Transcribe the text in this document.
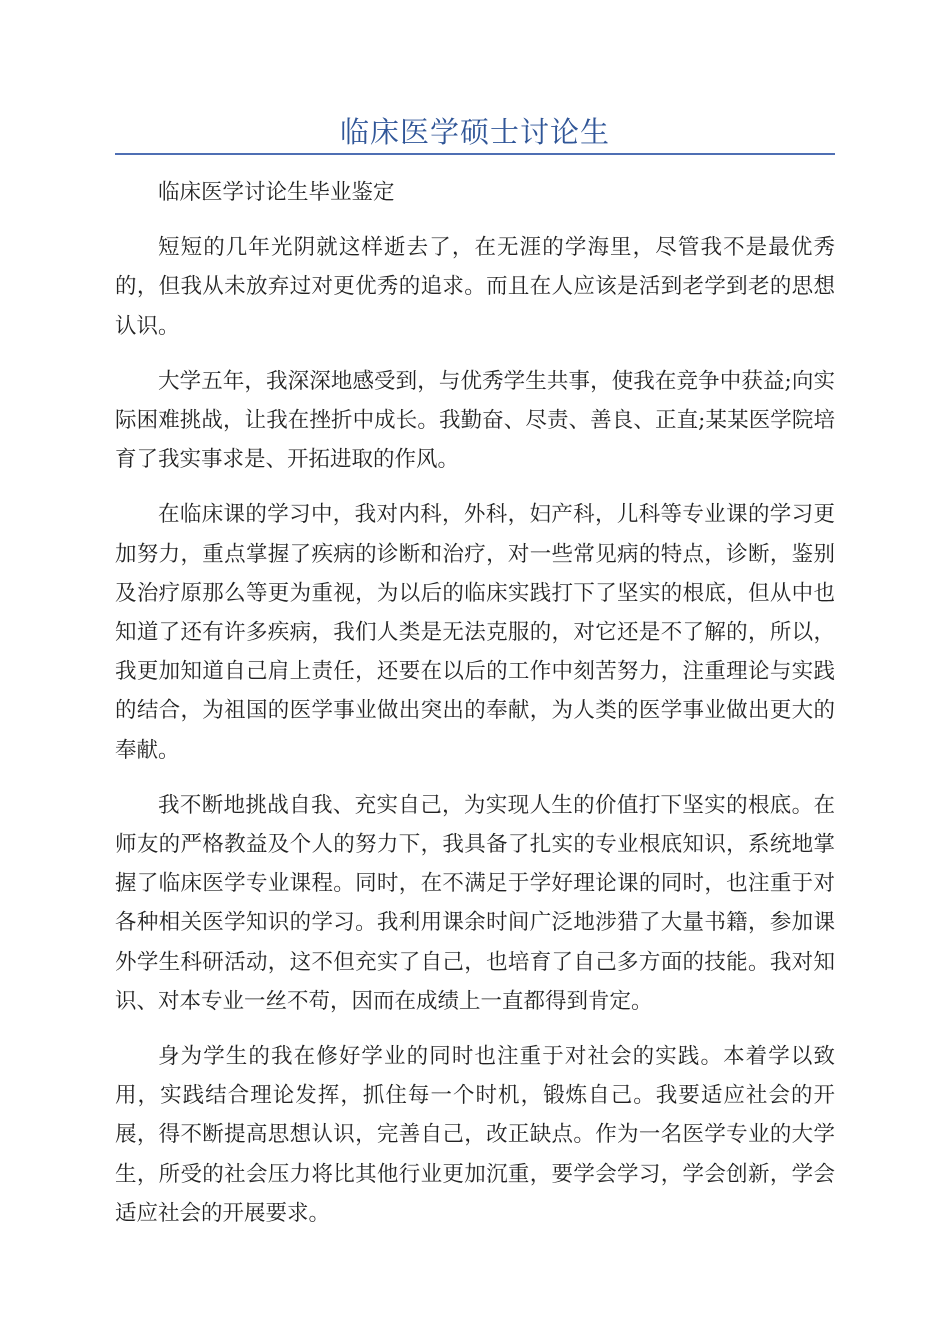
临床医学硕士讨论生

临床医学讨论生毕业鉴定

短短的几年光阴就这样逝去了，在无涯的学海里，尽管我不是最优秀的，但我从未放弃过对更优秀的追求。而且在人应该是活到老学到老的思想认识。

大学五年，我深深地感受到，与优秀学生共事，使我在竞争中获益;向实际困难挑战，让我在挫折中成长。我勤奋、尽责、善良、正直;某某医学院培育了我实事求是、开拓进取的作风。

在临床课的学习中，我对内科，外科，妇产科，儿科等专业课的学习更加努力，重点掌握了疾病的诊断和治疗，对一些常见病的特点，诊断，鉴别及治疗原那么等更为重视，为以后的临床实践打下了坚实的根底，但从中也知道了还有许多疾病，我们人类是无法克服的，对它还是不了解的，所以，我更加知道自己肩上责任，还要在以后的工作中刻苦努力，注重理论与实践的结合，为祖国的医学事业做出突出的奉献，为人类的医学事业做出更大的奉献。

我不断地挑战自我、充实自己，为实现人生的价值打下坚实的根底。在师友的严格教益及个人的努力下，我具备了扎实的专业根底知识，系统地掌握了临床医学专业课程。同时，在不满足于学好理论课的同时，也注重于对各种相关医学知识的学习。我利用课余时间广泛地涉猎了大量书籍，参加课外学生科研活动，这不但充实了自己，也培育了自己多方面的技能。我对知识、对本专业一丝不苟，因而在成绩上一直都得到肯定。

身为学生的我在修好学业的同时也注重于对社会的实践。本着学以致用，实践结合理论发挥，抓住每一个时机，锻炼自己。我要适应社会的开展，得不断提高思想认识，完善自己，改正缺点。作为一名医学专业的大学生，所受的社会压力将比其他行业更加沉重，要学会学习，学会创新，学会适应社会的开展要求。
